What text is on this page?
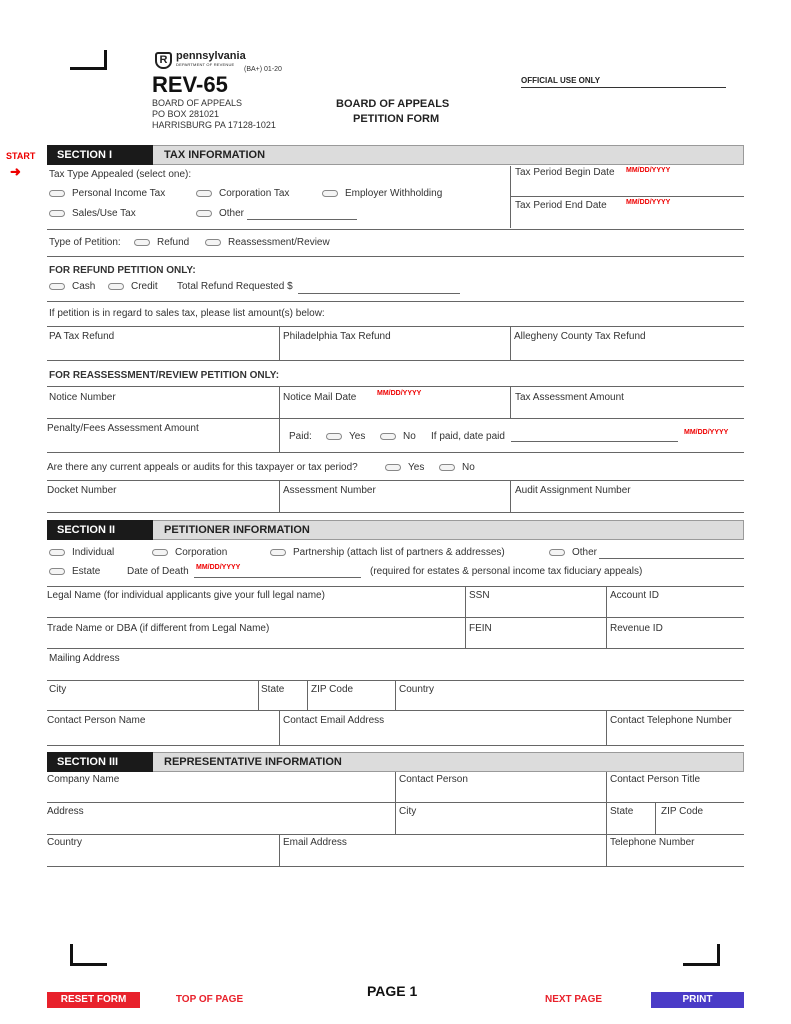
R pennsylvania
DEPARTMENT OF REVENUE
(BA+) 01-20
REV-65
BOARD OF APPEALS
PO BOX 281021
HARRISBURG PA 17128-1021
BOARD OF APPEALS
PETITION FORM
OFFICIAL USE ONLY
START
➜
SECTION I	TAX INFORMATION
Tax Type Appealed (select one):	Tax Period Begin Date MM/DD/YYYY
Tax Period End Date	MM/DD/YYYY
Personal Income Tax	Corporation Tax	Employer Withholding
Sales/Use Tax	Other
Type of Petition:	Refund	Reassessment/Review
FOR REFUND PETITION ONLY:
Cash	Credit Total Refund Requested $
If petition is in regard to sales tax, please list amount(s) below:
PA Tax Refund	Philadelphia Tax Refund	Allegheny County Tax Refund
FOR REASSESSMENT/REVIEW PETITION ONLY:
Notice Number	Notice Mail Date	MM/DD/YYYY	Tax Assessment Amount
Penalty/Fees Assessment Amount
Paid:	Yes	No If paid, date paid	MM/DD/YYYY
Are there any current appeals or audits for this taxpayer or tax period?	Yes	No
Docket Number	Assessment Number	Audit Assignment Number
SECTION II	PETITIONER INFORMATION
Individual	Corporation	Partnership (attach list of partners & addresses)	Other
Estate	Date of Death MM/DD/YYYY	(required for estates & personal income tax fiduciary appeals)
Legal Name (for individual applicants give your full legal name)	SSN	Account ID
Trade Name or DBA (if different from Legal Name)	FEIN	Revenue ID
Mailing Address
City	State	ZIP Code	Country
Contact Person Name	Contact Email Address	Contact Telephone Number
SECTION III	REPRESENTATIVE INFORMATION
Company Name	Contact Person	Contact Person Title
Address	City	State	ZIP Code
Country	Email Address	Telephone Number
RESET FORM	TOP OF PAGE
PAGE 1
NEXT PAGE	PRINT
